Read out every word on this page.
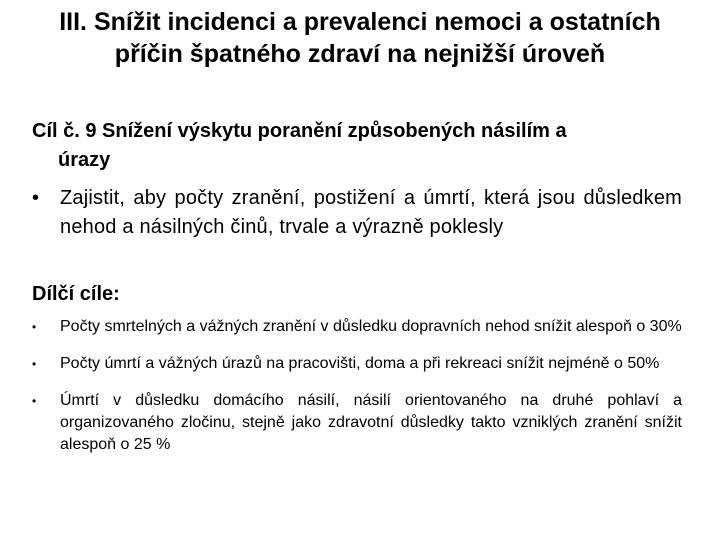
III. Snížit incidenci a prevalenci nemoci a ostatních příčin špatného zdraví na nejnižší úroveň
Cíl č. 9 Snížení výskytu poranění způsobených násilím a
úrazy
•	Zajistit, aby počty zranění, postižení a úmrtí, která jsou důsledkem nehod a násilných činů, trvale a výrazně poklesly
Dílčí cíle:
•	Počty smrtelných a vážných zranění v důsledku dopravních nehod snížit alespoň o 30%
•	Počty úmrtí a vážných úrazů na pracovišti, doma a při rekreaci snížit nejméně o 50%
•	Úmrtí v důsledku domácího násilí, násilí orientovaného na druhé pohlaví a organizovaného zločinu, stejně jako zdravotní důsledky takto vzniklých zranění snížit alespoň o 25 %
